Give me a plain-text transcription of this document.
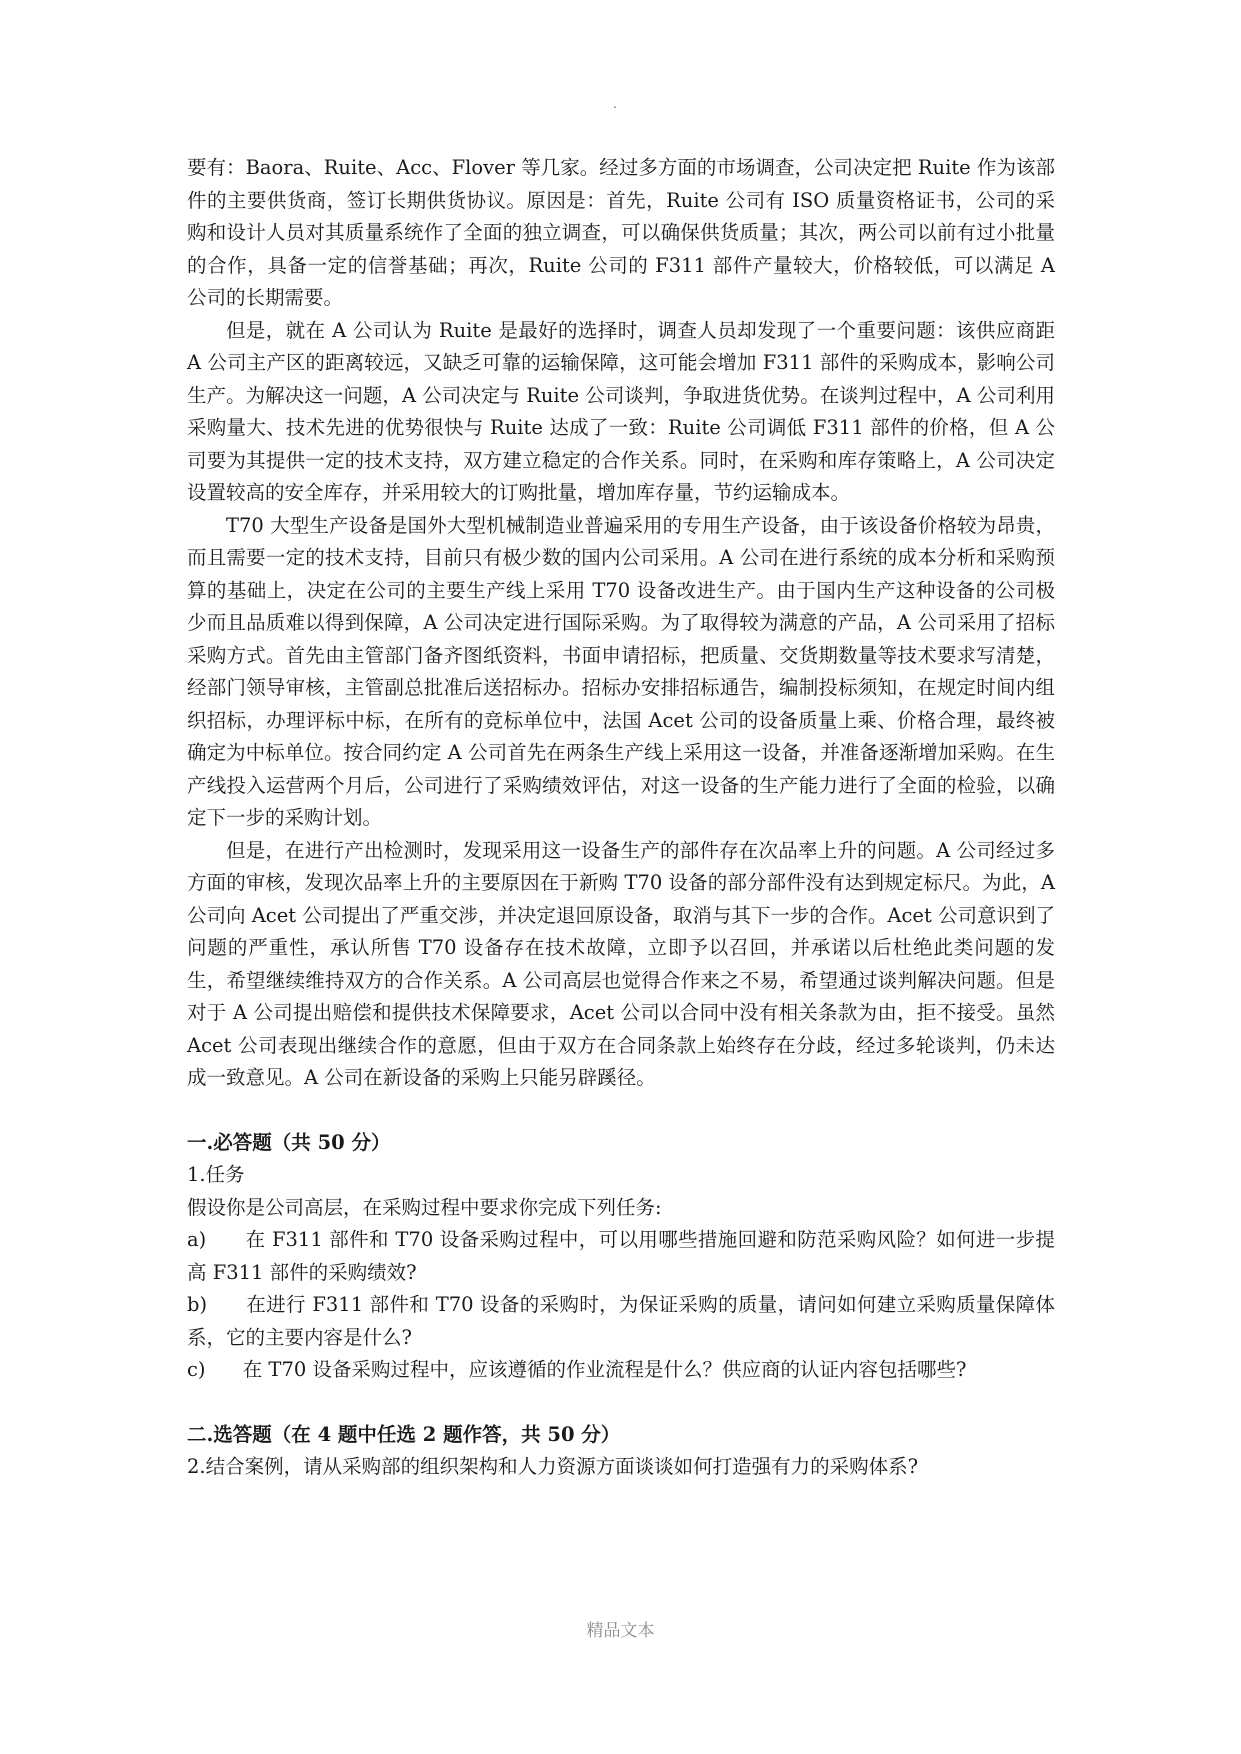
.

要有：Baora、Ruite、Acc、Flover 等几家。经过多方面的市场调查，公司决定把 Ruite 作为该部件的主要供货商，签订长期供货协议。原因是：首先，Ruite 公司有 ISO 质量资格证书，公司的采购和设计人员对其质量系统作了全面的独立调查，可以确保供货质量；其次，两公司以前有过小批量的合作，具备一定的信誉基础；再次，Ruite 公司的 F311 部件产量较大，价格较低，可以满足 A 公司的长期需要。

但是，就在 A 公司认为 Ruite 是最好的选择时，调查人员却发现了一个重要问题：该供应商距 A 公司主产区的距离较远，又缺乏可靠的运输保障，这可能会增加 F311 部件的采购成本，影响公司生产。为解决这一问题，A 公司决定与 Ruite 公司谈判，争取进货优势。在谈判过程中，A 公司利用采购量大、技术先进的优势很快与 Ruite 达成了一致：Ruite 公司调低 F311 部件的价格，但 A 公司要为其提供一定的技术支持，双方建立稳定的合作关系。同时，在采购和库存策略上，A 公司决定设置较高的安全库存，并采用较大的订购批量，增加库存量，节约运输成本。

T70 大型生产设备是国外大型机械制造业普遍采用的专用生产设备，由于该设备价格较为昂贵，而且需要一定的技术支持，目前只有极少数的国内公司采用。A 公司在进行系统的成本分析和采购预算的基础上，决定在公司的主要生产线上采用 T70 设备改进生产。由于国内生产这种设备的公司极少而且品质难以得到保障，A 公司决定进行国际采购。为了取得较为满意的产品，A 公司采用了招标采购方式。首先由主管部门备齐图纸资料，书面申请招标，把质量、交货期数量等技术要求写清楚，经部门领导审核，主管副总批准后送招标办。招标办安排招标通告，编制投标须知，在规定时间内组织招标，办理评标中标，在所有的竞标单位中，法国 Acet 公司的设备质量上乘、价格合理，最终被确定为中标单位。按合同约定 A 公司首先在两条生产线上采用这一设备，并准备逐渐增加采购。在生产线投入运营两个月后，公司进行了采购绩效评估，对这一设备的生产能力进行了全面的检验，以确定下一步的采购计划。

但是，在进行产出检测时，发现采用这一设备生产的部件存在次品率上升的问题。A 公司经过多方面的审核，发现次品率上升的主要原因在于新购 T70 设备的部分部件没有达到规定标尺。为此，A 公司向 Acet 公司提出了严重交涉，并决定退回原设备，取消与其下一步的合作。Acet 公司意识到了问题的严重性，承认所售 T70 设备存在技术故障，立即予以召回，并承诺以后杜绝此类问题的发生，希望继续维持双方的合作关系。A 公司高层也觉得合作来之不易，希望通过谈判解决问题。但是对于 A 公司提出赔偿和提供技术保障要求，Acet 公司以合同中没有相关条款为由，拒不接受。虽然 Acet 公司表现出继续合作的意愿，但由于双方在合同条款上始终存在分歧，经过多轮谈判，仍未达成一致意见。A 公司在新设备的采购上只能另辟蹊径。

一.必答题（共 50 分）

1.任务

假设你是公司高层，在采购过程中要求你完成下列任务:

a) 在 F311 部件和 T70 设备采购过程中，可以用哪些措施回避和防范采购风险？如何进一步提高 F311 部件的采购绩效?

b) 在进行 F311 部件和 T70 设备的采购时，为保证采购的质量，请问如何建立采购质量保障体系，它的主要内容是什么?

c) 在 T70 设备采购过程中，应该遵循的作业流程是什么？供应商的认证内容包括哪些?

二.选答题（在 4 题中任选 2 题作答，共 50 分）

2.结合案例，请从采购部的组织架构和人力资源方面谈谈如何打造强有力的采购体系?

精品文本
